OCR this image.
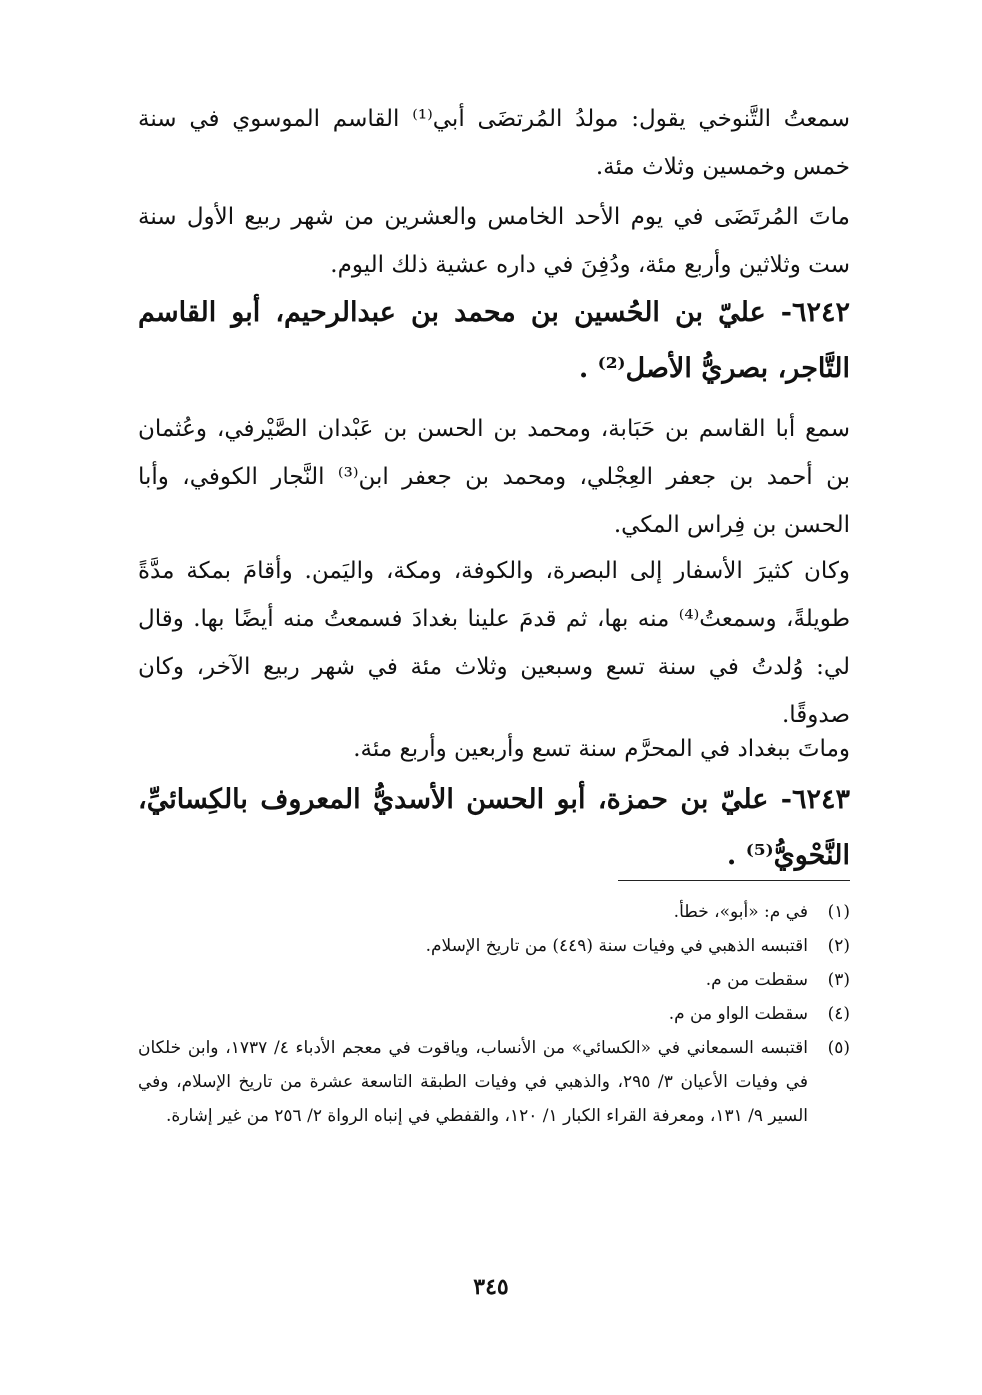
سمعتُ التَّنوخي يقول: مولدُ المُرتضَى أبي⁽¹⁾ القاسم الموسوي في سنة خمس وخمسين وثلاث مئة.

ماتَ المُرتَضَى في يوم الأحد الخامس والعشرين من شهر ربيع الأول سنة ست وثلاثين وأربع مئة، ودُفِنَ في داره عشية ذلك اليوم.

٦٢٤٢- عليّ بن الحُسين بن محمد بن عبدالرحيم، أبو القاسم التَّاجر، بصريُّ الأصل⁽²⁾ .

سمع أبا القاسم بن حَبَابة، ومحمد بن الحسن بن عَبْدان الصَّيْرفي، وعُثمان بن أحمد بن جعفر العِجْلي، ومحمد بن جعفر ابن⁽³⁾ النَّجار الكوفي، وأبا الحسن بن فِراس المكي.

وكان كثيرَ الأسفار إلى البصرة، والكوفة، ومكة، واليَمن. وأقامَ بمكة مدَّةً طويلةً، وسمعتُ⁽⁴⁾ منه بها، ثم قدمَ علينا بغدادَ فسمعتُ منه أيضًا بها. وقال لي: وُلدتُ في سنة تسع وسبعين وثلاث مئة في شهر ربيع الآخر، وكان صدوقًا.

وماتَ ببغداد في المحرَّم سنة تسع وأربعين وأربع مئة.

٦٢٤٣- عليّ بن حمزة، أبو الحسن الأسديُّ المعروف بالكِسائيِّ، النَّحْويُّ⁽⁵⁾ .

(١)
في م: «أبو»، خطأ.
(٢)
اقتبسه الذهبي في وفيات سنة (٤٤٩) من تاريخ الإسلام.
(٣)
سقطت من م.
(٤)
سقطت الواو من م.
(٥)
اقتبسه السمعاني في «الكسائي» من الأنساب، وياقوت في معجم الأدباء ٤/ ١٧٣٧، وابن خلكان في وفيات الأعيان ٣/ ٢٩٥، والذهبي في وفيات الطبقة التاسعة عشرة من تاريخ الإسلام، وفي السير ٩/ ١٣١، ومعرفة القراء الكبار ١/ ١٢٠، والقفطي في إنباه الرواة ٢/ ٢٥٦ من غير إشارة.
٣٤٥
